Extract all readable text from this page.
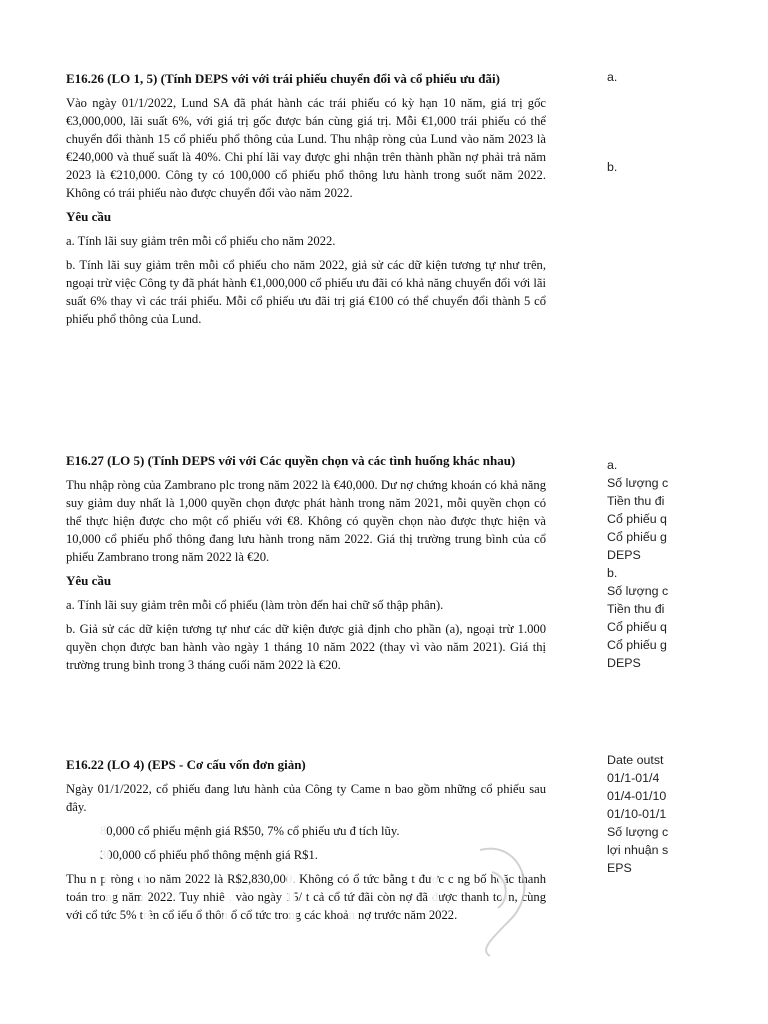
E16.26 (LO 1, 5) (Tính DEPS với với trái phiếu chuyển đổi và cổ phiếu ưu đãi)

Vào ngày 01/1/2022, Lund SA đã phát hành các trái phiếu có kỳ hạn 10 năm, giá trị gốc €3,000,000, lãi suất 6%, với giá trị gốc được bán cùng giá trị. Mỗi €1,000 trái phiếu có thể chuyển đổi thành 15 cổ phiếu phổ thông của Lund. Thu nhập ròng của Lund vào năm 2023 là €240,000 và thuế suất là 40%. Chi phí lãi vay được ghi nhận trên thành phần nợ phải trả năm 2023 là €210,000. Công ty có 100,000 cổ phiếu phổ thông lưu hành trong suốt năm 2022. Không có trái phiếu nào được chuyển đổi vào năm 2022.

Yêu cầu

a. Tính lãi suy giảm trên mỗi cổ phiếu cho năm 2022.

b. Tính lãi suy giảm trên mỗi cổ phiếu cho năm 2022, giả sử các dữ kiện tương tự như trên, ngoại trừ việc Công ty đã phát hành €1,000,000 cổ phiếu ưu đãi có khả năng chuyển đổi với lãi suất 6% thay vì các trái phiếu. Mỗi cổ phiếu ưu đãi trị giá €100 có thể chuyển đổi thành 5 cổ phiếu phổ thông của Lund.

E16.27 (LO 5) (Tính DEPS với với Các quyền chọn và các tình huống khác nhau)

Thu nhập ròng của Zambrano plc trong năm 2022 là €40,000. Dư nợ chứng khoán có khả năng suy giảm duy nhất là 1,000 quyền chọn được phát hành trong năm 2021, mỗi quyền chọn có thể thực hiện được cho một cổ phiếu với €8. Không có quyền chọn nào được thực hiện và 10,000 cổ phiếu phổ thông đang lưu hành trong năm 2022. Giá thị trường trung bình của cổ phiếu Zambrano trong năm 2022 là €20.

Yêu cầu

a. Tính lãi suy giảm trên mỗi cổ phiếu (làm tròn đến hai chữ số thập phân).

b. Giả sử các dữ kiện tương tự như các dữ kiện được giả định cho phần (a), ngoại trừ 1.000 quyền chọn được ban hành vào ngày 1 tháng 10 năm 2022 (thay vì vào năm 2021). Giá thị trường trung bình trong 3 tháng cuối năm 2022 là €20.

E16.22 (LO 4) (EPS - Cơ cấu vốn đơn giản)

Ngày 01/1/2022, cổ phiếu đang lưu hành của Công ty Came n bao gồm những cổ phiếu sau đây.

80,000 cổ phiếu mệnh giá R$50, 7% cổ phiếu ưu đ tích lũy.

300,000 cổ phiếu phổ thông mệnh giá R$1.

Thu n p ròng cho năm 2022 là R$2,830,000. Không có ổ tức bằng t được c ng bố hoặc thanh toán trong năm 2022. Tuy nhiê , vào ngày 15/ t cả cổ tứ đãi còn nợ đã được thanh toán, cùng với cổ tức 5% trên cổ iếu ổ thôn ổ cổ tức trong các khoản nợ trước năm 2022.

a.
b.
a.
Số lượng c
Tiền thu đi
Cổ phiếu q
Cổ phiếu g
DEPS
b.
Số lượng c
Tiền thu đi
Cổ phiếu q
Cổ phiếu g
DEPS
Date outst
01/1-01/4
01/4-01/10
01/10-01/1
Số lượng c
lợi nhuận s
EPS
